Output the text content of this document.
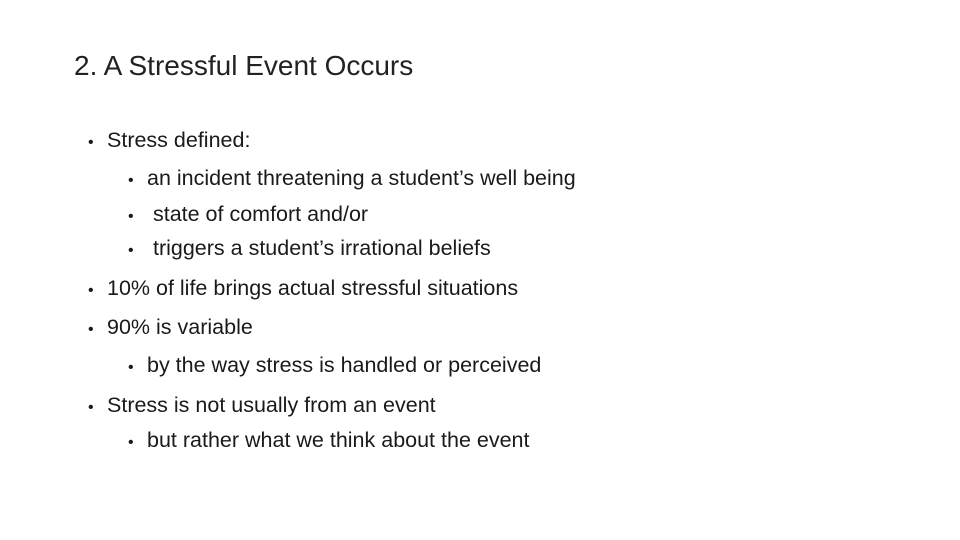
2. A Stressful Event Occurs
• Stress defined:
• an incident threatening a student’s well being
• state of comfort and/or
• triggers a student’s irrational beliefs
• 10% of life brings actual stressful situations
• 90% is variable
• by the way stress is handled or perceived
• Stress is not usually from an event
• but rather what we think about the event
